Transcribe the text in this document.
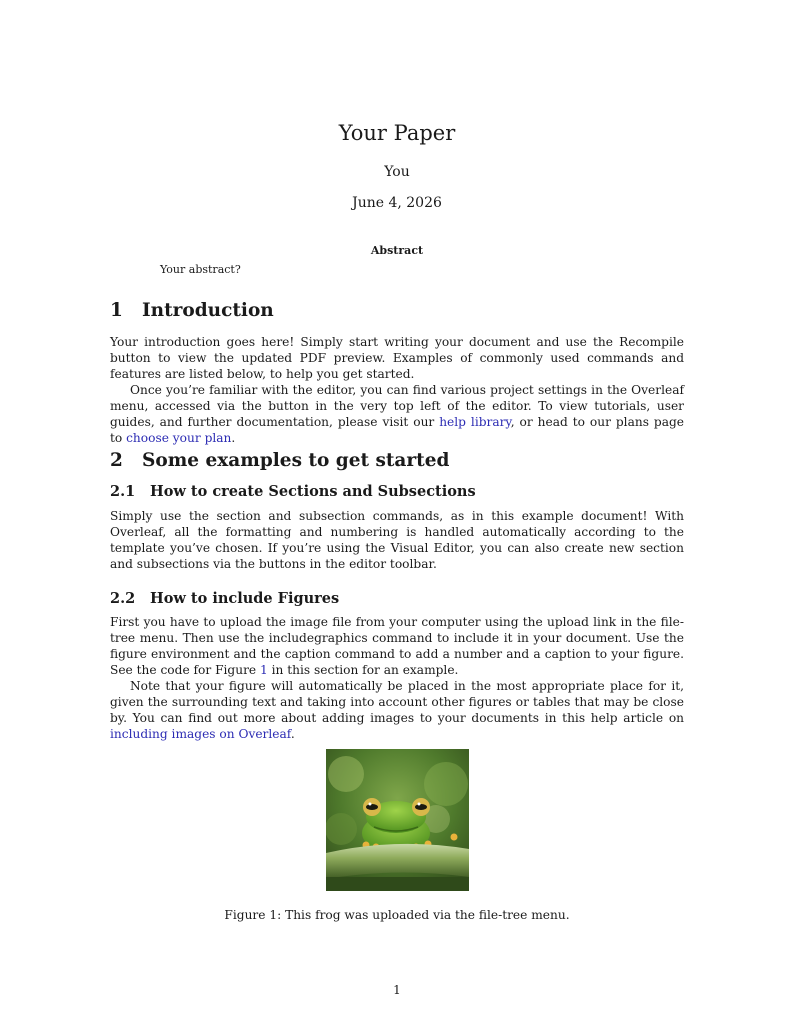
Your Paper
You
June 4, 2026
Abstract
Your abstract?
1 Introduction
Your introduction goes here! Simply start writing your document and use the Recompile button to view the updated PDF preview. Examples of commonly used commands and features are listed below, to help you get started.
Once you’re familiar with the editor, you can find various project settings in the Overleaf menu, accessed via the button in the very top left of the editor. To view tutorials, user guides, and further documentation, please visit our help library, or head to our plans page to choose your plan.
2 Some examples to get started
2.1 How to create Sections and Subsections
Simply use the section and subsection commands, as in this example document! With Overleaf, all the formatting and numbering is handled automatically according to the template you’ve chosen. If you’re using the Visual Editor, you can also create new section and subsections via the buttons in the editor toolbar.
2.2 How to include Figures
First you have to upload the image file from your computer using the upload link in the file-tree menu. Then use the includegraphics command to include it in your document. Use the figure environment and the caption command to add a number and a caption to your figure. See the code for Figure 1 in this section for an example.
Note that your figure will automatically be placed in the most appropriate place for it, given the surrounding text and taking into account other figures or tables that may be close by. You can find out more about adding images to your documents in this help article on including images on Overleaf.
Figure 1: This frog was uploaded via the file-tree menu.
1
